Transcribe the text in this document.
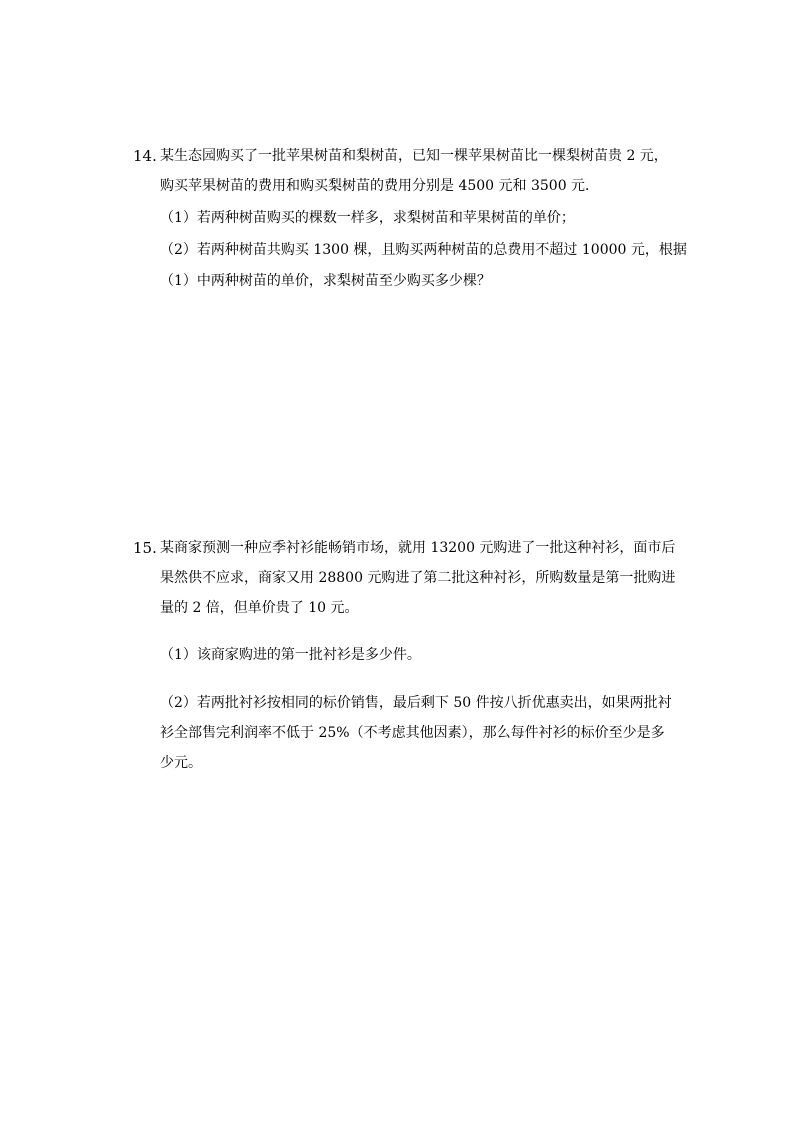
14. 某生态园购买了一批苹果树苗和梨树苗，已知一棵苹果树苗比一棵梨树苗贵 2 元，
购买苹果树苗的费用和购买梨树苗的费用分别是 4500 元和 3500 元．
（1）若两种树苗购买的棵数一样多，求梨树苗和苹果树苗的单价；
（2）若两种树苗共购买 1300 棵，且购买两种树苗的总费用不超过 10000 元，根据
（1）中两种树苗的单价，求梨树苗至少购买多少棵？
15. 某商家预测一种应季衬衫能畅销市场，就用 13200 元购进了一批这种衬衫，面市后
果然供不应求，商家又用 28800 元购进了第二批这种衬衫，所购数量是第一批购进
量的 2 倍，但单价贵了 10 元。
（1）该商家购进的第一批衬衫是多少件。
（2）若两批衬衫按相同的标价销售，最后剩下 50 件按八折优惠卖出，如果两批衬
衫全部售完利润率不低于 25%（不考虑其他因素），那么每件衬衫的标价至少是多
少元。
